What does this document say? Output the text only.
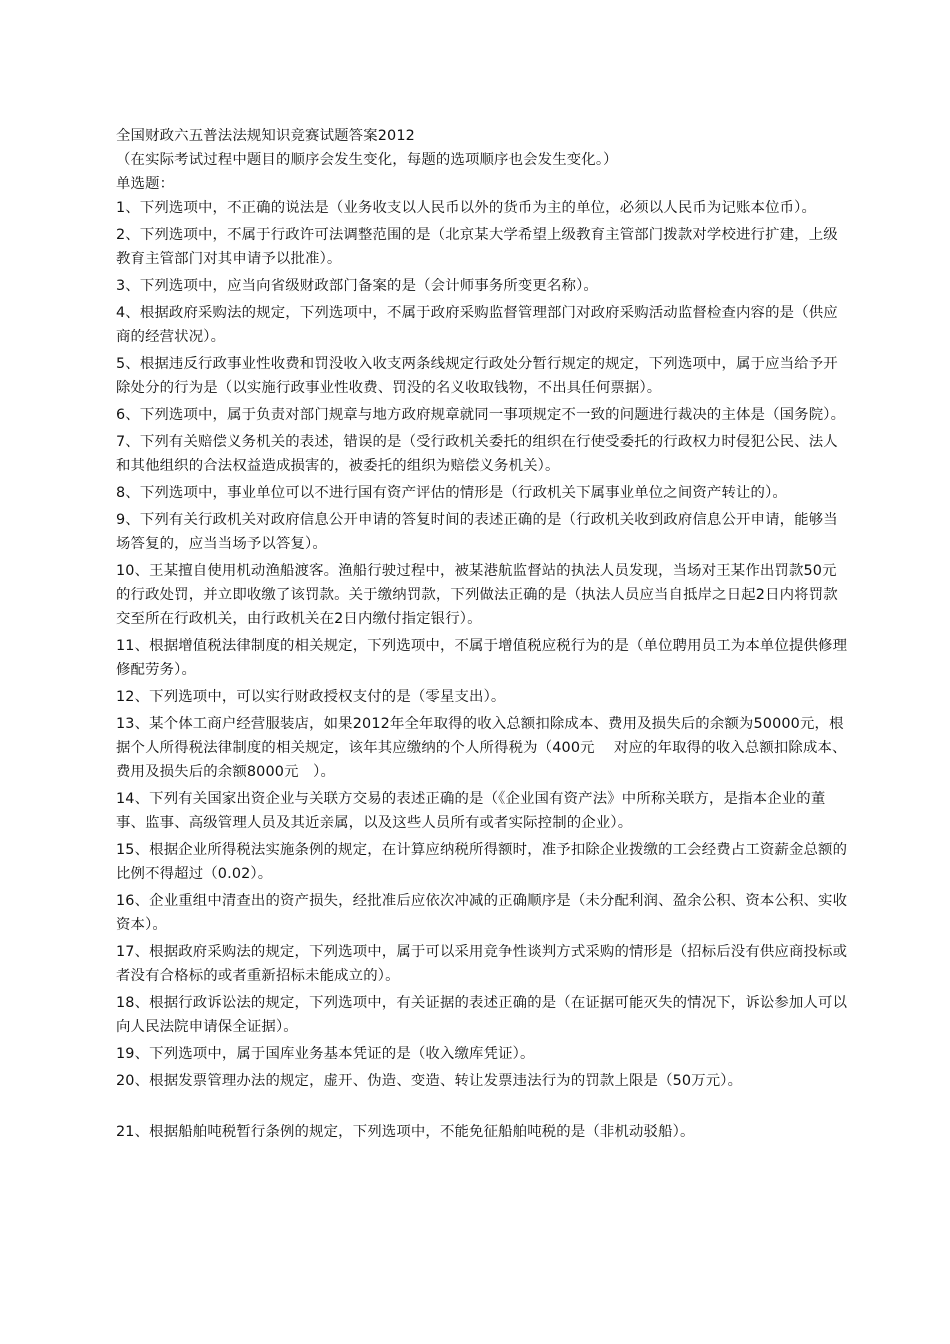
全国财政六五普法法规知识竞赛试题答案2012

（在实际考试过程中题目的顺序会发生变化，每题的选项顺序也会发生变化。）

单选题：

1、下列选项中，不正确的说法是（业务收支以人民币以外的货币为主的单位，必须以人民币为记账本位币）。

2、下列选项中，不属于行政许可法调整范围的是（北京某大学希望上级教育主管部门拨款对学校进行扩建，上级教育主管部门对其申请予以批准）。

3、下列选项中，应当向省级财政部门备案的是（会计师事务所变更名称）。

4、根据政府采购法的规定，下列选项中，不属于政府采购监督管理部门对政府采购活动监督检查内容的是（供应商的经营状况）。

5、根据违反行政事业性收费和罚没收入收支两条线规定行政处分暂行规定的规定，下列选项中，属于应当给予开除处分的行为是（以实施行政事业性收费、罚没的名义收取钱物，不出具任何票据）。

6、下列选项中，属于负责对部门规章与地方政府规章就同一事项规定不一致的问题进行裁决的主体是（国务院）。

7、下列有关赔偿义务机关的表述，错误的是（受行政机关委托的组织在行使受委托的行政权力时侵犯公民、法人和其他组织的合法权益造成损害的，被委托的组织为赔偿义务机关）。

8、下列选项中，事业单位可以不进行国有资产评估的情形是（行政机关下属事业单位之间资产转让的）。

9、下列有关行政机关对政府信息公开申请的答复时间的表述正确的是（行政机关收到政府信息公开申请，能够当场答复的，应当当场予以答复）。

10、王某擅自使用机动渔船渡客。渔船行驶过程中，被某港航监督站的执法人员发现，当场对王某作出罚款50元的行政处罚，并立即收缴了该罚款。关于缴纳罚款，下列做法正确的是（执法人员应当自抵岸之日起2日内将罚款交至所在行政机关，由行政机关在2日内缴付指定银行）。

11、根据增值税法律制度的相关规定，下列选项中，不属于增值税应税行为的是（单位聘用员工为本单位提供修理修配劳务）。

12、下列选项中，可以实行财政授权支付的是（零星支出）。

13、某个体工商户经营服装店，如果2012年全年取得的收入总额扣除成本、费用及损失后的余额为50000元，根据个人所得税法律制度的相关规定，该年其应缴纳的个人所得税为（400元　 对应的年取得的收入总额扣除成本、费用及损失后的余额8000元　）。

14、下列有关国家出资企业与关联方交易的表述正确的是（《企业国有资产法》中所称关联方，是指本企业的董事、监事、高级管理人员及其近亲属，以及这些人员所有或者实际控制的企业）。

15、根据企业所得税法实施条例的规定，在计算应纳税所得额时，准予扣除企业拨缴的工会经费占工资薪金总额的比例不得超过（0.02）。

16、企业重组中清查出的资产损失，经批准后应依次冲减的正确顺序是（未分配利润、盈余公积、资本公积、实收资本）。

17、根据政府采购法的规定，下列选项中，属于可以采用竞争性谈判方式采购的情形是（招标后没有供应商投标或者没有合格标的或者重新招标未能成立的）。

18、根据行政诉讼法的规定，下列选项中，有关证据的表述正确的是（在证据可能灭失的情况下，诉讼参加人可以向人民法院申请保全证据）。

19、下列选项中，属于国库业务基本凭证的是（收入缴库凭证）。

20、根据发票管理办法的规定，虚开、伪造、变造、转让发票违法行为的罚款上限是（50万元）。

21、根据船舶吨税暂行条例的规定，下列选项中，不能免征船舶吨税的是（非机动驳船）。
